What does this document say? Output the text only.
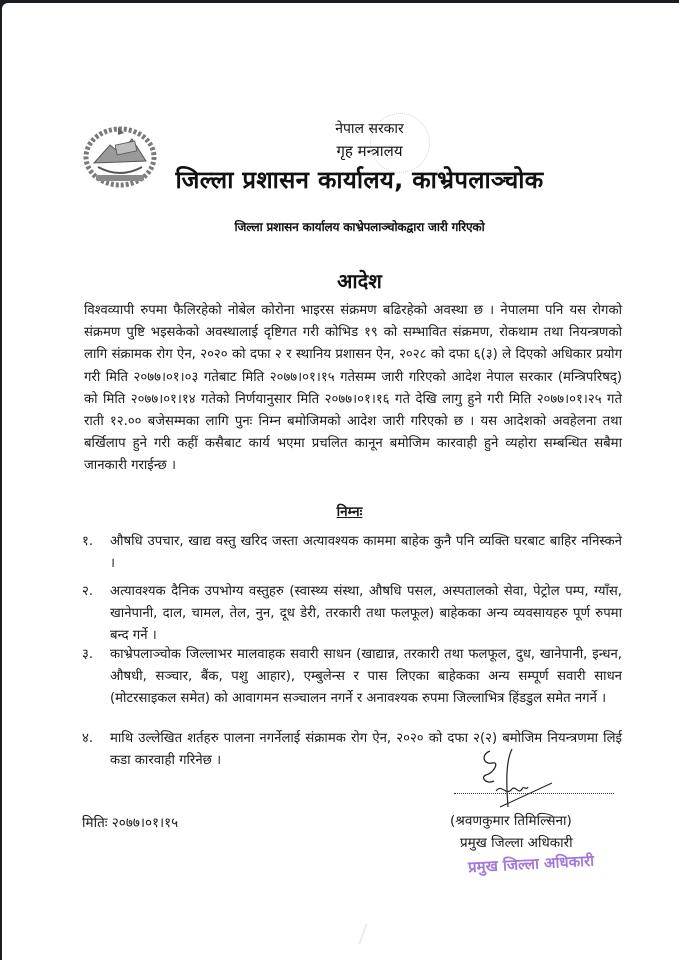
नेपाल सरकार
गृह मन्त्रालय
जिल्ला प्रशासन कार्यालय, काभ्रेपलाञ्चोक
जिल्ला प्रशासन कार्यालय काभ्रेपलाञ्चोकद्वारा जारी गरिएको
आदेश
विश्वव्यापी रुपमा फैलिरहेको नोबेल कोरोना भाइरस संक्रमण बढिरहेको अवस्था छ । नेपालमा पनि यस रोगको संक्रमण पुष्टि भइसकेको अवस्थालाई दृष्टिगत गरी कोभिड १९ को सम्भावित संक्रमण, रोकथाम तथा नियन्त्रणको लागि संक्रामक रोग ऐन, २०२० को दफा २ र स्थानिय प्रशासन ऐन, २०२८ को दफा ६(३) ले दिएको अधिकार प्रयोग गरी मिति २०७७।०१।०३ गतेबाट मिति २०७७।०१।१५ गतेसम्म जारी गरिएको आदेश नेपाल सरकार (मन्त्रिपरिषद्) को मिति २०७७।०१।१४ गतेको निर्णयानुसार मिति २०७७।०१।१६ गते देखि लागु हुने गरी मिति २०७७।०१।२५ गते राती १२.०० बजेसम्मका लागि पुनः निम्न बमोजिमको आदेश जारी गरिएको छ । यस आदेशको अवहेलना तथा बर्खिलाप हुने गरी कहीं कसैबाट कार्य भएमा प्रचलित कानून बमोजिम कारवाही हुने व्यहोरा सम्बन्धित सबैमा जानकारी गराईन्छ ।
निम्नः
१.	औषधि उपचार, खाद्य वस्तु खरिद जस्ता अत्यावश्यक काममा बाहेक कुनै पनि व्यक्ति घरबाट बाहिर ननिस्कने ।
२.	अत्यावश्यक दैनिक उपभोग्य वस्तुहरु (स्वास्थ्य संस्था, औषधि पसल, अस्पतालको सेवा, पेट्रोल पम्प, ग्याँस, खानेपानी, दाल, चामल, तेल, नुन, दूध डेरी, तरकारी तथा फलफूल) बाहेकका अन्य व्यवसायहरु पूर्ण रुपमा बन्द गर्ने ।
३.	काभ्रेपलाञ्चोक जिल्लाभर मालवाहक सवारी साधन (खाद्यान्न, तरकारी तथा फलफूल, दुध, खानेपानी, इन्धन, औषधी, सञ्चार, बैंक, पशु आहार), एम्बुलेन्स र पास लिएका बाहेकका अन्य सम्पूर्ण सवारी साधन (मोटरसाइकल समेत) को आवागमन सञ्चालन नगर्ने र अनावश्यक रुपमा जिल्लाभित्र हिंडडुल समेत नगर्ने ।
४.	माथि उल्लेखित शर्तहरु पालना नगर्नेलाई संक्रामक रोग ऐन, २०२० को दफा २(२) बमोजिम नियन्त्रणमा लिई कडा कारवाही गरिनेछ ।
मितिः २०७७।०१।१५	(श्रवणकुमार तिमिल्सिना)
प्रमुख जिल्ला अधिकारी
प्रमुख जिल्ला अधिकारी
